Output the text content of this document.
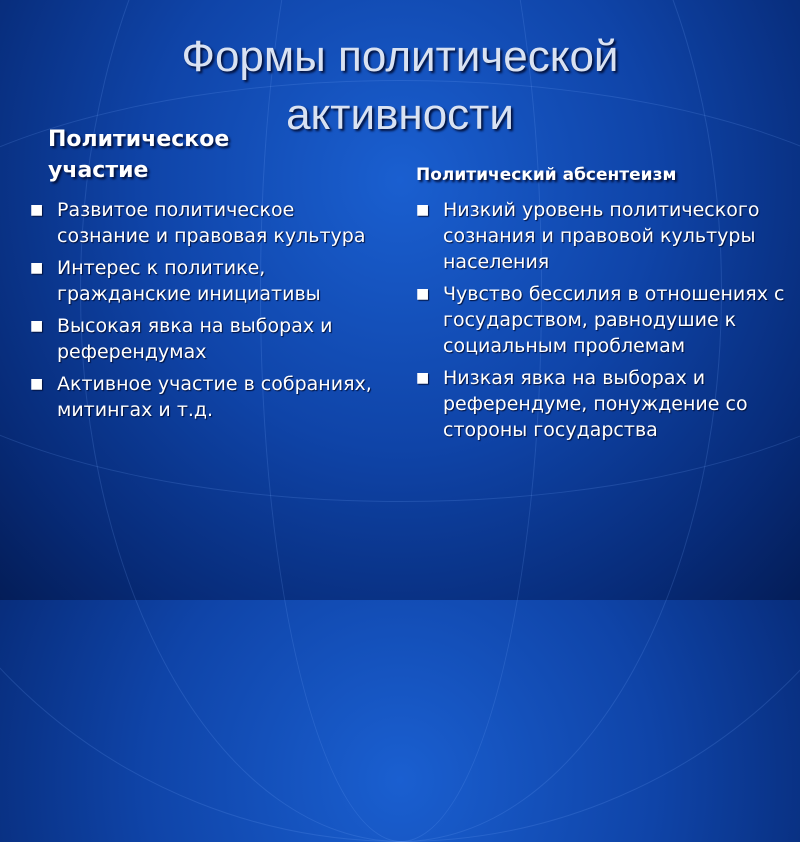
Формы политической
активности
Политическое
участие	Политический абсентеизм
■ Развитое политическое сознание и правовая культура
■ Интерес к политике, гражданские инициативы
■ Высокая явка на выборах и референдумах
■ Активное участие в собраниях, митингах и т.д.
■ Низкий уровень политического сознания и правовой культуры населения
■ Чувство бессилия в отношениях с государством, равнодушие к социальным проблемам
■ Низкая явка на выборах и референдуме, понуждение со стороны государства
